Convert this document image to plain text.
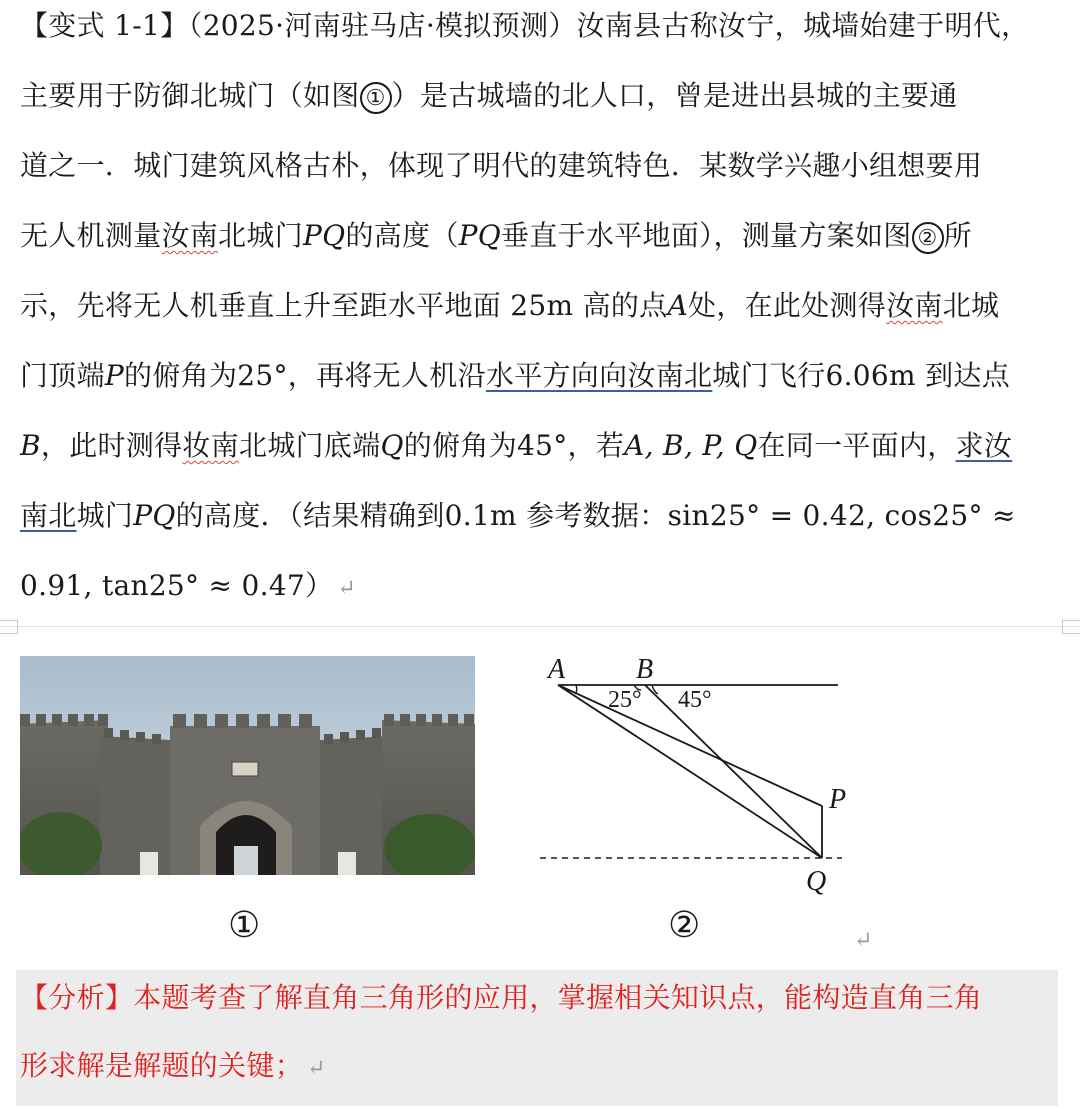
【变式 1-1】（2025·河南驻马店·模拟预测）汝南县古称汝宁，城墙始建于明代，
主要用于防御北城门（如图 ① ）是古城墙的北人口，曾是进出县城的主要通
道之一．城门建筑风格古朴，体现了明代的建筑特色．某数学兴趣小组想要用
无人机测量汝南北城门PQ的高度（PQ垂直于水平地面），测量方案如图 ② 所
示，先将无人机垂直上升至距水平地面 25m 高的点A处，在此处测得汝南北城
门顶端P的俯角为25°，再将无人机沿水平方向向汝南北城门飞行6.06m 到达点
B，此时测得妆南北城门底端Q的俯角为45°，若A, B, P, Q在同一平面内，求汝
南北城门PQ的高度．（结果精确到0.1m 参考数据：sin25° = 0.42, cos25° ≈
0.91, tan25° ≈ 0.47） ↵
①
A	B
P
Q
25° 45°
②	↵
【分析】本题考查了解直角三角形的应用，掌握相关知识点，能构造直角三角
形求解是解题的关键； ↵
